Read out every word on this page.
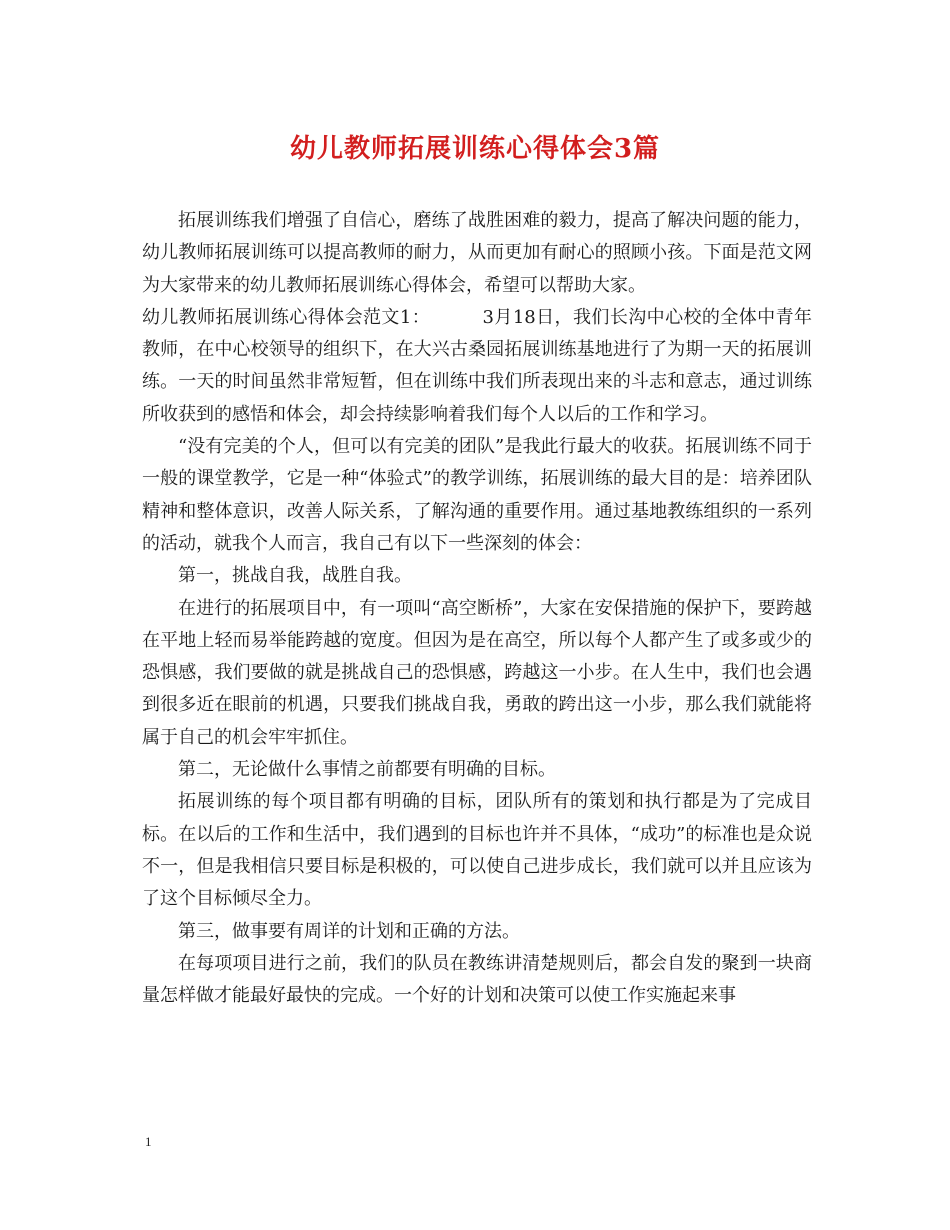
幼儿教师拓展训练心得体会3篇

拓展训练我们增强了自信心，磨练了战胜困难的毅力，提高了解决问题的能力，幼儿教师拓展训练可以提高教师的耐力，从而更加有耐心的照顾小孩。下面是范文网为大家带来的幼儿教师拓展训练心得体会，希望可以帮助大家。

幼儿教师拓展训练心得体会范文1：　　　 3月18日，我们长沟中心校的全体中青年教师，在中心校领导的组织下，在大兴古桑园拓展训练基地进行了为期一天的拓展训练。一天的时间虽然非常短暂，但在训练中我们所表现出来的斗志和意志，通过训练所收获到的感悟和体会，却会持续影响着我们每个人以后的工作和学习。

“没有完美的个人，但可以有完美的团队”是我此行最大的收获。拓展训练不同于一般的课堂教学，它是一种“体验式”的教学训练，拓展训练的最大目的是：培养团队精神和整体意识，改善人际关系，了解沟通的重要作用。通过基地教练组织的一系列的活动，就我个人而言，我自己有以下一些深刻的体会：

第一，挑战自我，战胜自我。

在进行的拓展项目中，有一项叫“高空断桥”，大家在安保措施的保护下，要跨越在平地上轻而易举能跨越的宽度。但因为是在高空，所以每个人都产生了或多或少的恐惧感，我们要做的就是挑战自己的恐惧感，跨越这一小步。在人生中，我们也会遇到很多近在眼前的机遇，只要我们挑战自我，勇敢的跨出这一小步，那么我们就能将属于自己的机会牢牢抓住。

第二，无论做什么事情之前都要有明确的目标。

拓展训练的每个项目都有明确的目标，团队所有的策划和执行都是为了完成目标。在以后的工作和生活中，我们遇到的目标也许并不具体，“成功”的标准也是众说不一，但是我相信只要目标是积极的，可以使自己进步成长，我们就可以并且应该为了这个目标倾尽全力。

第三，做事要有周详的计划和正确的方法。

在每项项目进行之前，我们的队员在教练讲清楚规则后，都会自发的聚到一块商量怎样做才能最好最快的完成。一个好的计划和决策可以使工作实施起来事

1
